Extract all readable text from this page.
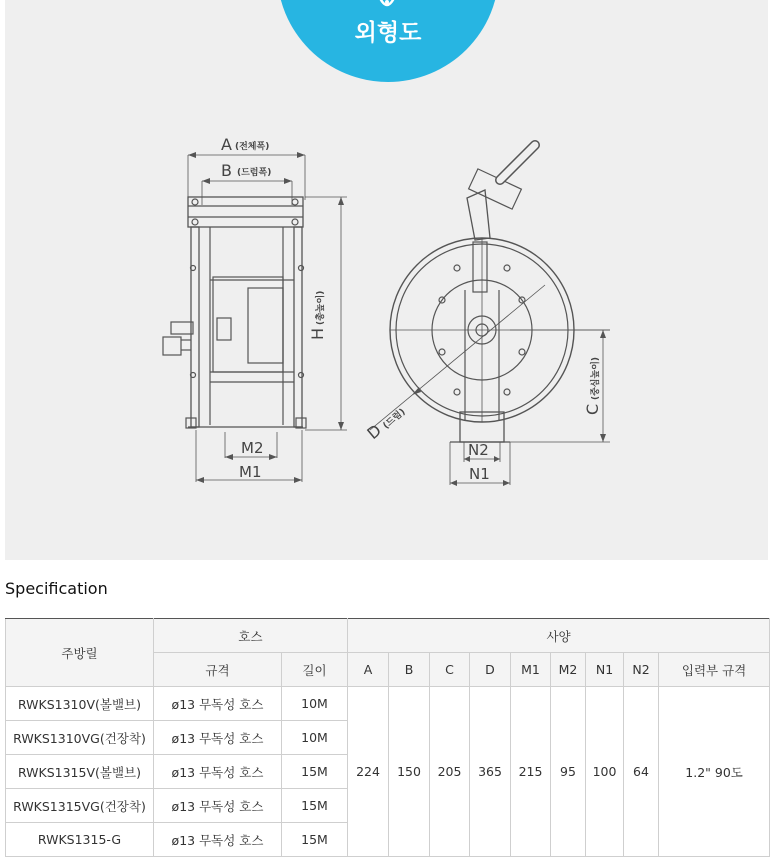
외형도
A (전체폭)
B (드럼폭)
H
(총높이)
C
(중심높이)
D
(드럼)
M2
M1
N2
N1
Specification
주방릴	호스		사양								
	규격	길이	A	B	C	D	M1	M2	N1	N2	입력부 규격
RWKS1310V(볼밸브)	ø13 무독성 호스	10M	224	150	205	365	215	95	100	64	1.2" 90도
RWKS1310VG(건장착)	ø13 무독성 호스	10M									
RWKS1315V(볼밸브)	ø13 무독성 호스	15M									
RWKS1315VG(건장착)	ø13 무독성 호스	15M									
RWKS1315-G	ø13 무독성 호스	15M									
